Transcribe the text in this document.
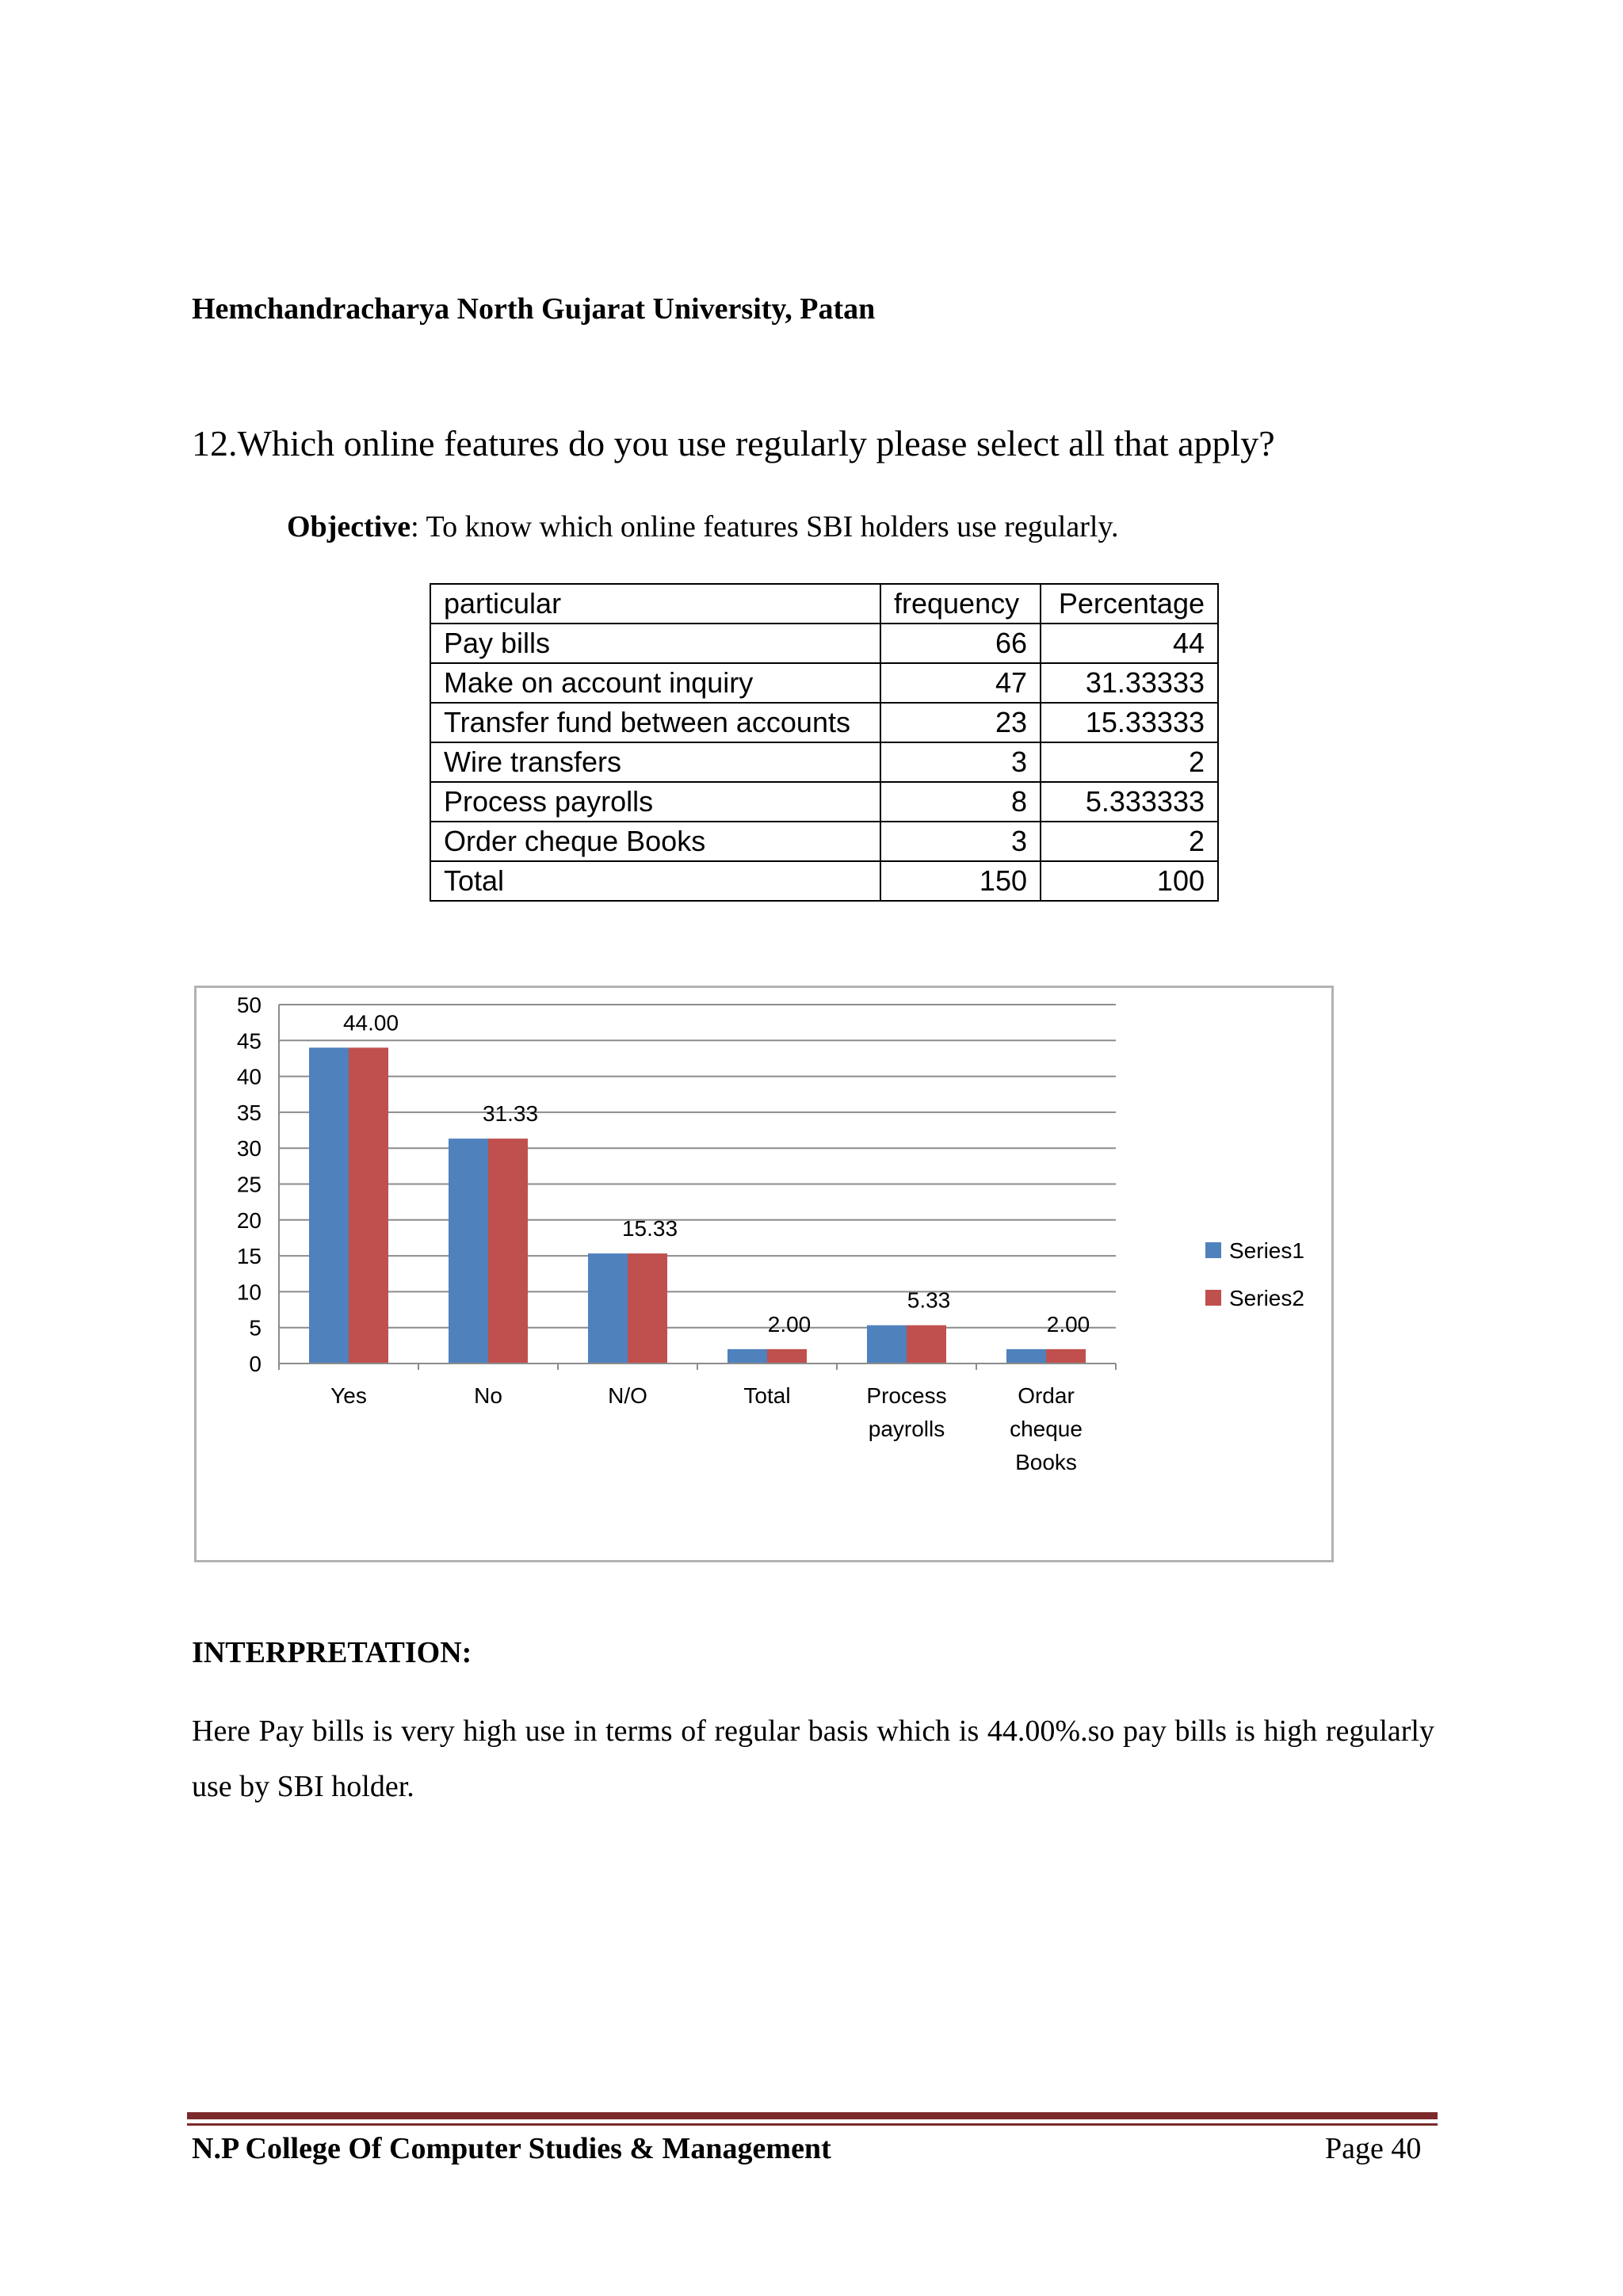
Hemchandracharya North Gujarat University, Patan
12.Which online features do you use regularly please select all that apply?
Objective: To know which online features SBI holders use regularly.
particular	frequency	Percentage
Pay bills	66	44
Make on account inquiry	47	31.33333
Transfer fund between accounts	23	15.33333
Wire transfers	3	2
Process payrolls	8	5.333333
Order cheque Books	3	2
Total	150	100
0
5
10
15
20
25
30
35
40
45
50
44.00
Yes
31.33
No
15.33
N/O
2.00
Total
5.33
Process
payrolls
2.00
Ordar
cheque
Books
Series1
Series2
INTERPRETATION:
Here Pay bills is very high use in terms of regular basis which is 44.00%.so pay bills is high regularly use by SBI holder.
N.P College Of Computer Studies & Management	Page 40
